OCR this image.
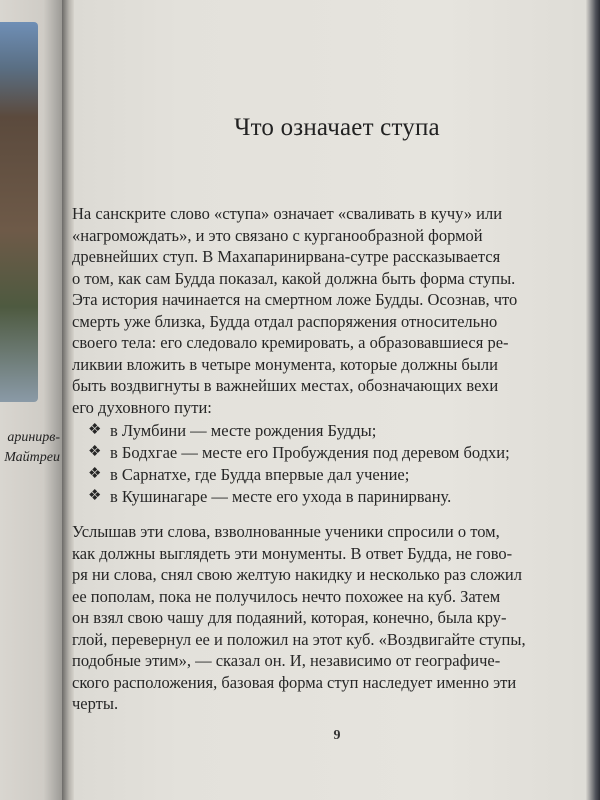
аринирв-
Майтреи
Что означает ступа

На санскрите слово «ступа» означает «сваливать в кучу» или

«нагромождать», и это связано с курганообразной формой

древнейших ступ. В Махапаринирвана-сутре рассказывается

о том, как сам Будда показал, какой должна быть форма ступы.

Эта история начинается на смертном ложе Будды. Осознав, что

смерть уже близка, Будда отдал распоряжения относительно

своего тела: его следовало кремировать, а образовавшиеся ре-

ликвии вложить в четыре монумента, которые должны были

быть воздвигнуты в важнейших местах, обозначающих вехи

его духовного пути:

❖ в Лумбини — месте рождения Будды;
❖ в Бодхгае — месте его Пробуждения под деревом бодхи;
❖ в Сарнатхе, где Будда впервые дал учение;
❖ в Кушинагаре — месте его ухода в паринирвану.

Услышав эти слова, взволнованные ученики спросили о том,

как должны выглядеть эти монументы. В ответ Будда, не гово-

ря ни слова, снял свою желтую накидку и несколько раз сложил

ее пополам, пока не получилось нечто похожее на куб. Затем

он взял свою чашу для подаяний, которая, конечно, была кру-

глой, перевернул ее и положил на этот куб. «Воздвигайте ступы,

подобные этим», — сказал он. И, независимо от географиче-

ского расположения, базовая форма ступ наследует именно эти

черты.

9
